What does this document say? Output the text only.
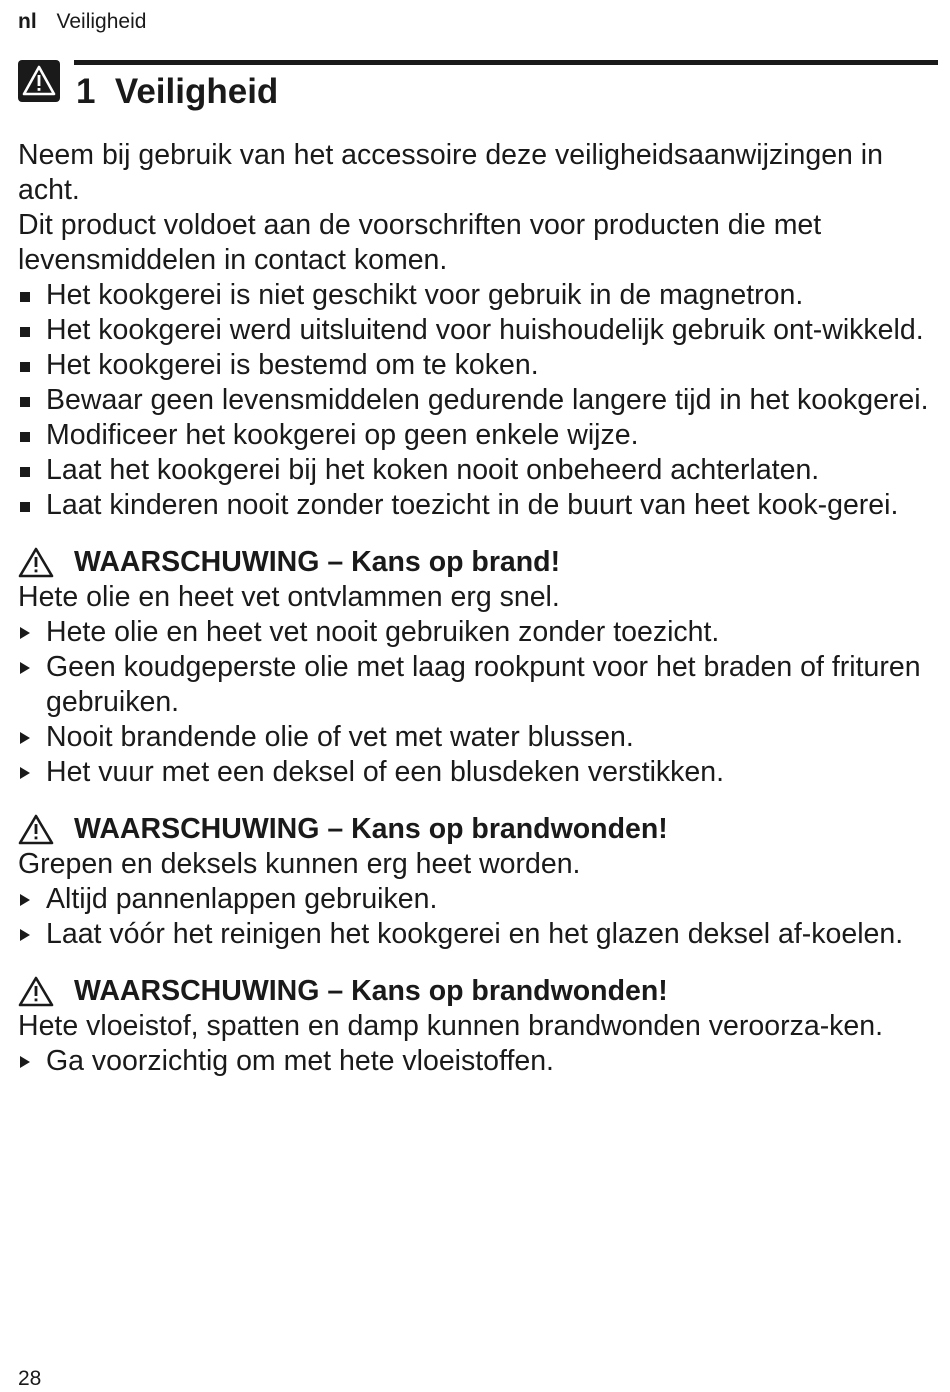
nl Veiligheid
1 Veiligheid

Neem bij gebruik van het accessoire deze veiligheidsaanwijzingen in acht.

Dit product voldoet aan de voorschriften voor producten die met levensmiddelen in contact komen.

Het kookgerei is niet geschikt voor gebruik in de magnetron.
Het kookgerei werd uitsluitend voor huishoudelijk gebruik ont-wikkeld.
Het kookgerei is bestemd om te koken.
Bewaar geen levensmiddelen gedurende langere tijd in het kookgerei.
Modificeer het kookgerei op geen enkele wijze.
Laat het kookgerei bij het koken nooit onbeheerd achterlaten.
Laat kinderen nooit zonder toezicht in de buurt van heet kook-gerei.
WAARSCHUWING – Kans op brand!

Hete olie en heet vet ontvlammen erg snel.

Hete olie en heet vet nooit gebruiken zonder toezicht.
Geen koudgeperste olie met laag rookpunt voor het braden of frituren gebruiken.
Nooit brandende olie of vet met water blussen.
Het vuur met een deksel of een blusdeken verstikken.
WAARSCHUWING – Kans op brandwonden!

Grepen en deksels kunnen erg heet worden.

Altijd pannenlappen gebruiken.
Laat vóór het reinigen het kookgerei en het glazen deksel af-koelen.
WAARSCHUWING – Kans op brandwonden!

Hete vloeistof, spatten en damp kunnen brandwonden veroorza-ken.

Ga voorzichtig om met hete vloeistoffen.
28
